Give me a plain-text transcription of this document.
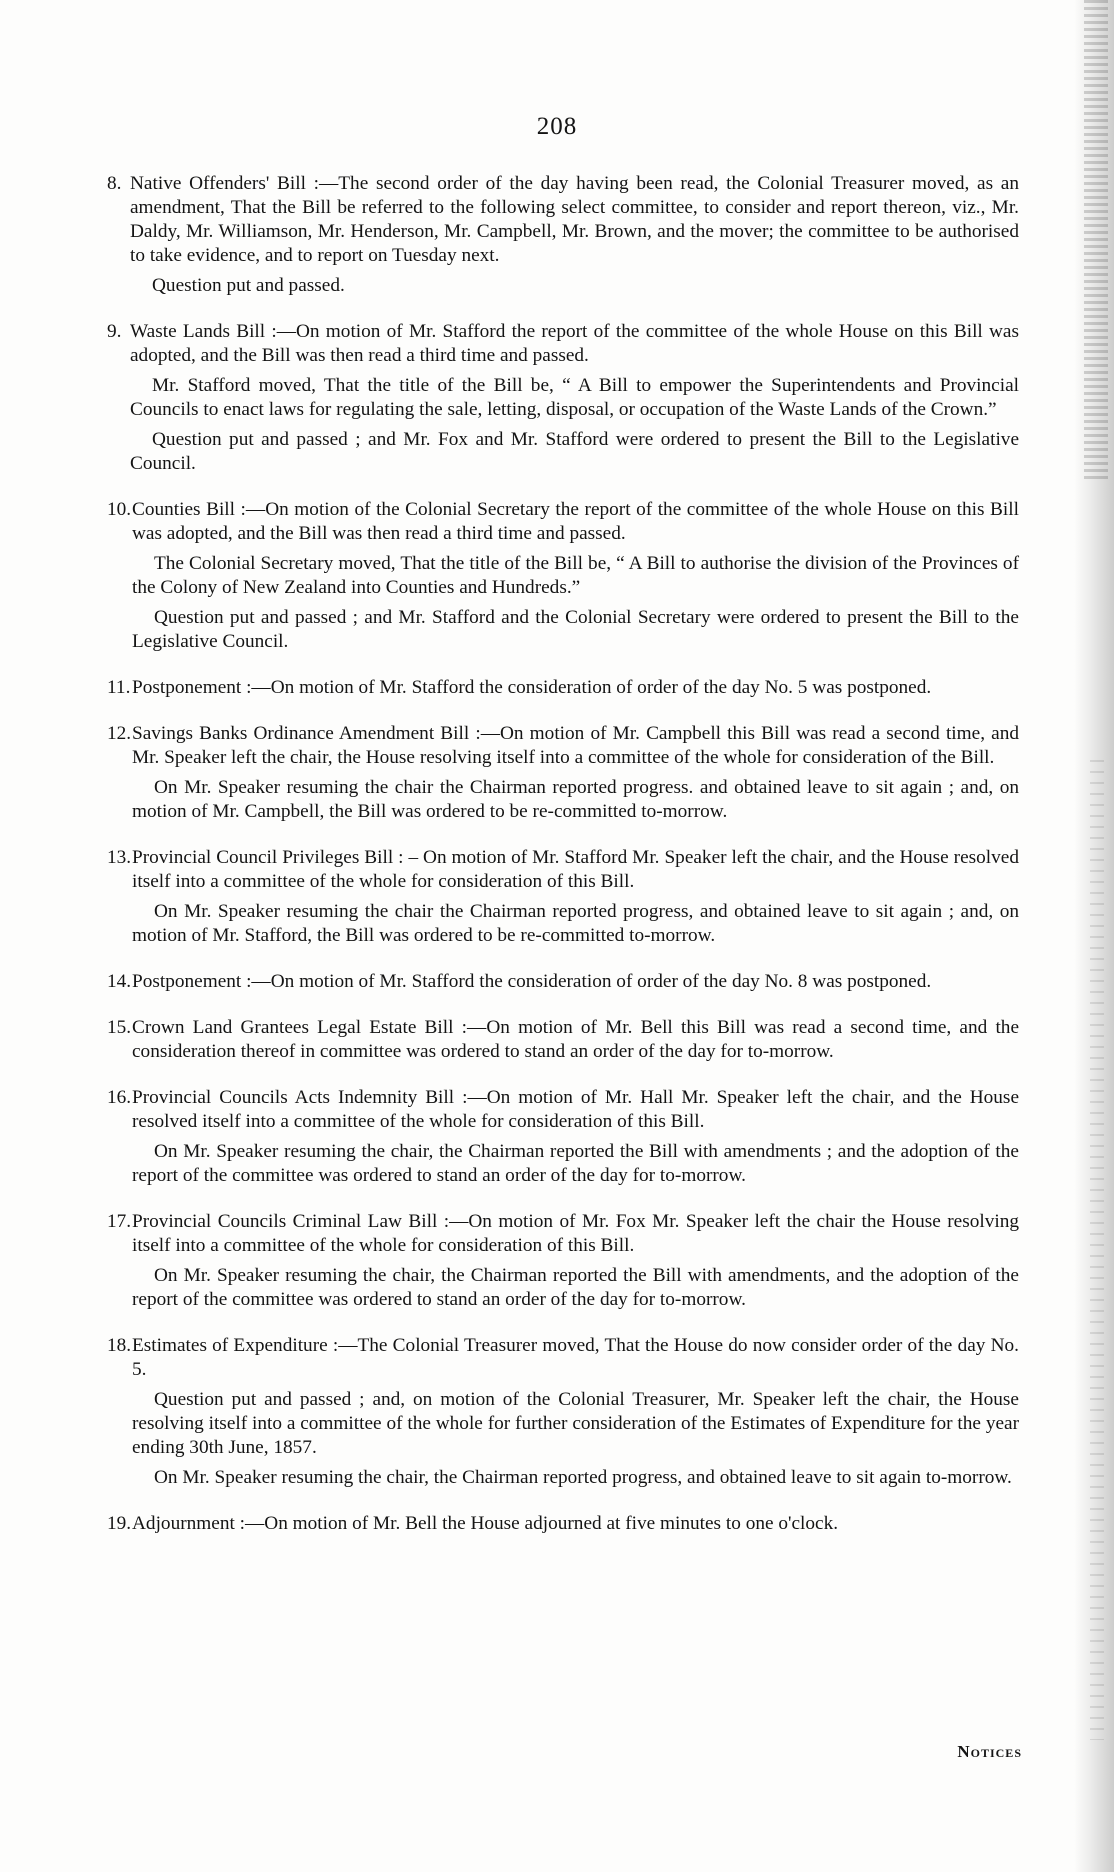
208
8. Native Offenders' Bill :—The second order of the day having been read, the Colonial Treasurer moved, as an amendment, That the Bill be referred to the following select committee, to consider and report thereon, viz., Mr. Daldy, Mr. Williamson, Mr. Henderson, Mr. Campbell, Mr. Brown, and the mover; the committee to be authorised to take evidence, and to report on Tuesday next.

Question put and passed.

9. Waste Lands Bill :—On motion of Mr. Stafford the report of the committee of the whole House on this Bill was adopted, and the Bill was then read a third time and passed.

Mr. Stafford moved, That the title of the Bill be, “ A Bill to empower the Superintendents and Provincial Councils to enact laws for regulating the sale, letting, disposal, or occupation of the Waste Lands of the Crown.”

Question put and passed ; and Mr. Fox and Mr. Stafford were ordered to present the Bill to the Legislative Council.

10. Counties Bill :—On motion of the Colonial Secretary the report of the committee of the whole House on this Bill was adopted, and the Bill was then read a third time and passed.

The Colonial Secretary moved, That the title of the Bill be, “ A Bill to authorise the division of the Provinces of the Colony of New Zealand into Counties and Hundreds.”

Question put and passed ; and Mr. Stafford and the Colonial Secretary were ordered to present the Bill to the Legislative Council.

11. Postponement :—On motion of Mr. Stafford the consideration of order of the day No. 5 was postponed.

12. Savings Banks Ordinance Amendment Bill :—On motion of Mr. Campbell this Bill was read a second time, and Mr. Speaker left the chair, the House resolving itself into a committee of the whole for consideration of the Bill.

On Mr. Speaker resuming the chair the Chairman reported progress. and obtained leave to sit again ; and, on motion of Mr. Campbell, the Bill was ordered to be re-committed to-morrow.

13. Provincial Council Privileges Bill : – On motion of Mr. Stafford Mr. Speaker left the chair, and the House resolved itself into a committee of the whole for consideration of this Bill.

On Mr. Speaker resuming the chair the Chairman reported progress, and obtained leave to sit again ; and, on motion of Mr. Stafford, the Bill was ordered to be re-committed to-morrow.

14. Postponement :—On motion of Mr. Stafford the consideration of order of the day No. 8 was postponed.

15. Crown Land Grantees Legal Estate Bill :—On motion of Mr. Bell this Bill was read a second time, and the consideration thereof in committee was ordered to stand an order of the day for to-morrow.

16. Provincial Councils Acts Indemnity Bill :—On motion of Mr. Hall Mr. Speaker left the chair, and the House resolved itself into a committee of the whole for consideration of this Bill.

On Mr. Speaker resuming the chair, the Chairman reported the Bill with amendments ; and the adoption of the report of the committee was ordered to stand an order of the day for to-morrow.

17. Provincial Councils Criminal Law Bill :—On motion of Mr. Fox Mr. Speaker left the chair the House resolving itself into a committee of the whole for consideration of this Bill.

On Mr. Speaker resuming the chair, the Chairman reported the Bill with amendments, and the adoption of the report of the committee was ordered to stand an order of the day for to-morrow.

18. Estimates of Expenditure :—The Colonial Treasurer moved, That the House do now consider order of the day No. 5.

Question put and passed ; and, on motion of the Colonial Treasurer, Mr. Speaker left the chair, the House resolving itself into a committee of the whole for further consideration of the Estimates of Expenditure for the year ending 30th June, 1857.

On Mr. Speaker resuming the chair, the Chairman reported progress, and obtained leave to sit again to-morrow.

19. Adjournment :—On motion of Mr. Bell the House adjourned at five minutes to one o'clock.

Notices
